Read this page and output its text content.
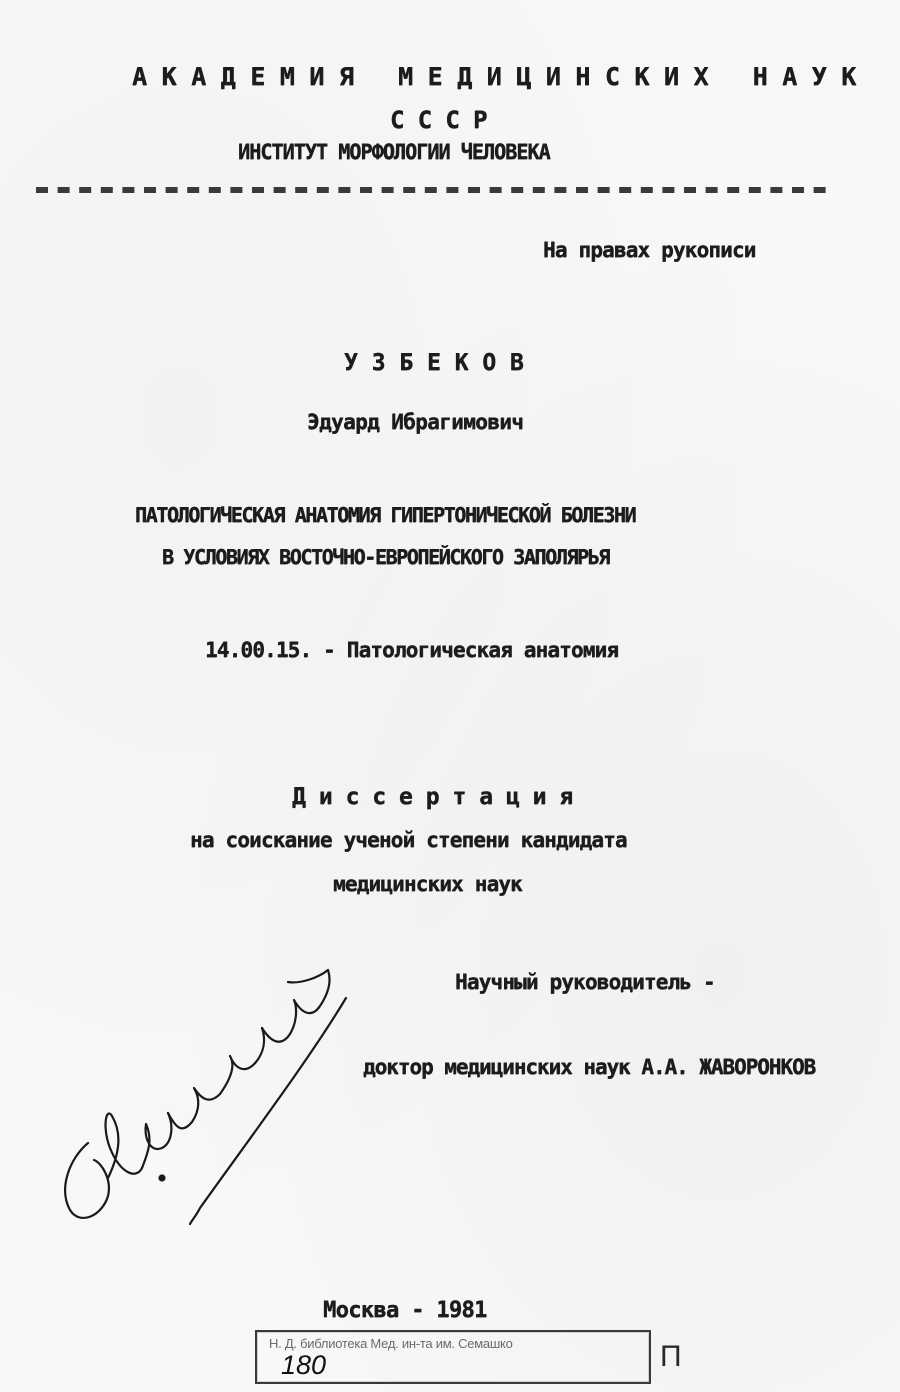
АКАДЕМИЯ МЕДИЦИНСКИХ НАУК
СССР
ИНСТИТУТ МОРФОЛОГИИ ЧЕЛОВЕКА
На правах рукописи
УЗБЕКОВ
Эдуард Ибрагимович
ПАТОЛОГИЧЕСКАЯ АНАТОМИЯ ГИПЕРТОНИЧЕСКОЙ БОЛЕЗНИ
В УСЛОВИЯХ ВОСТОЧНО-ЕВРОПЕЙСКОГО ЗАПОЛЯРЬЯ
14.00.15. - Патологическая анатомия
Диссертация
на соискание ученой степени кандидата
медицинских наук
Научный руководитель -
доктор медицинских наук А.А. ЖАВОРОНКОВ
Москва - 1981
Н. Д. библиотека Мед. ин-та им. Семашко
180	П
